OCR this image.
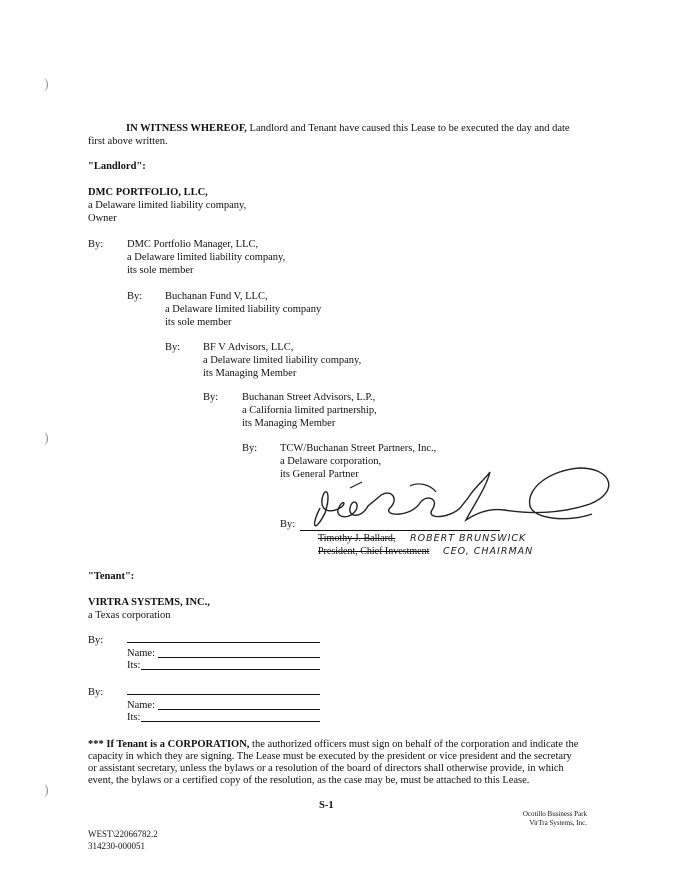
)
)
)
IN WITNESS WHEREOF, Landlord and Tenant have caused this Lease to be executed the day and date
first above written.
"Landlord":
DMC PORTFOLIO, LLC,
a Delaware limited liability company,
Owner
By: DMC Portfolio Manager, LLC,
a Delaware limited liability company,
its sole member
By: Buchanan Fund V, LLC,
a Delaware limited liability company
its sole member
By: BF V Advisors, LLC,
a Delaware limited liability company,
its Managing Member
By: Buchanan Street Advisors, L.P.,
a California limited partnership,
its Managing Member
By: TCW/Buchanan Street Partners, Inc.,
a Delaware corporation,
its General Partner
By:
Timothy J. Ballard, ROBERT BRUNSWICK
President, Chief Investment CEO, CHAIRMAN
"Tenant":
VIRTRA SYSTEMS, INC.,
a Texas corporation
By:
Name:
Its:
By:
Name:
Its:
*** If Tenant is a CORPORATION, the authorized officers must sign on behalf of the corporation and indicate the
capacity in which they are signing. The Lease must be executed by the president or vice president and the secretary
or assistant secretary, unless the bylaws or a resolution of the board of directors shall otherwise provide, in which
event, the bylaws or a certified copy of the resolution, as the case may be, must be attached to this Lease.
S-1
Ocotillo Business Park
VirTra Systems, Inc.
WEST\22066782.2
314230-000051
